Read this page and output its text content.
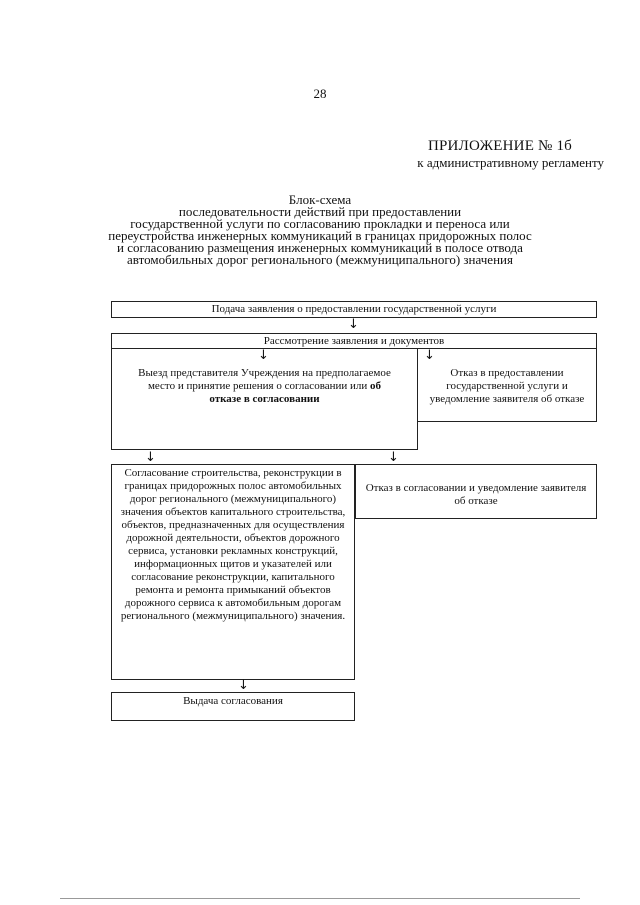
28
ПРИЛОЖЕНИЕ № 1б
к административному регламенту
Блок-схема
последовательности действий при предоставлении
государственной услуги по согласованию прокладки и переноса или
переустройства инженерных коммуникаций в границах придорожных полос
и согласованию размещения инженерных коммуникаций в полосе отвода
автомобильных дорог регионального (межмуниципального) значения
Подача заявления о предоставлении государственной услуги
↓
Рассмотрение заявления и документов
↓	↓
Выезд представителя Учреждения на предполагаемое место и принятие решения о согласовании или об отказе в согласовании
Отказ в предоставлении государственной услуги и уведомление заявителя об отказе
↓	↓
Согласование строительства, реконструкции в границах придорожных полос автомобильных дорог регионального (межмуниципального) значения объектов капитального строительства, объектов, предназначенных для осуществления дорожной деятельности, объектов дорожного сервиса, установки рекламных конструкций, информационных щитов и указателей или согласование реконструкции, капитального ремонта и ремонта примыканий объектов дорожного сервиса к автомобильным дорогам регионального (межмуниципального) значения.
Отказ в согласовании и уведомление заявителя об отказе
↓
Выдача согласования
